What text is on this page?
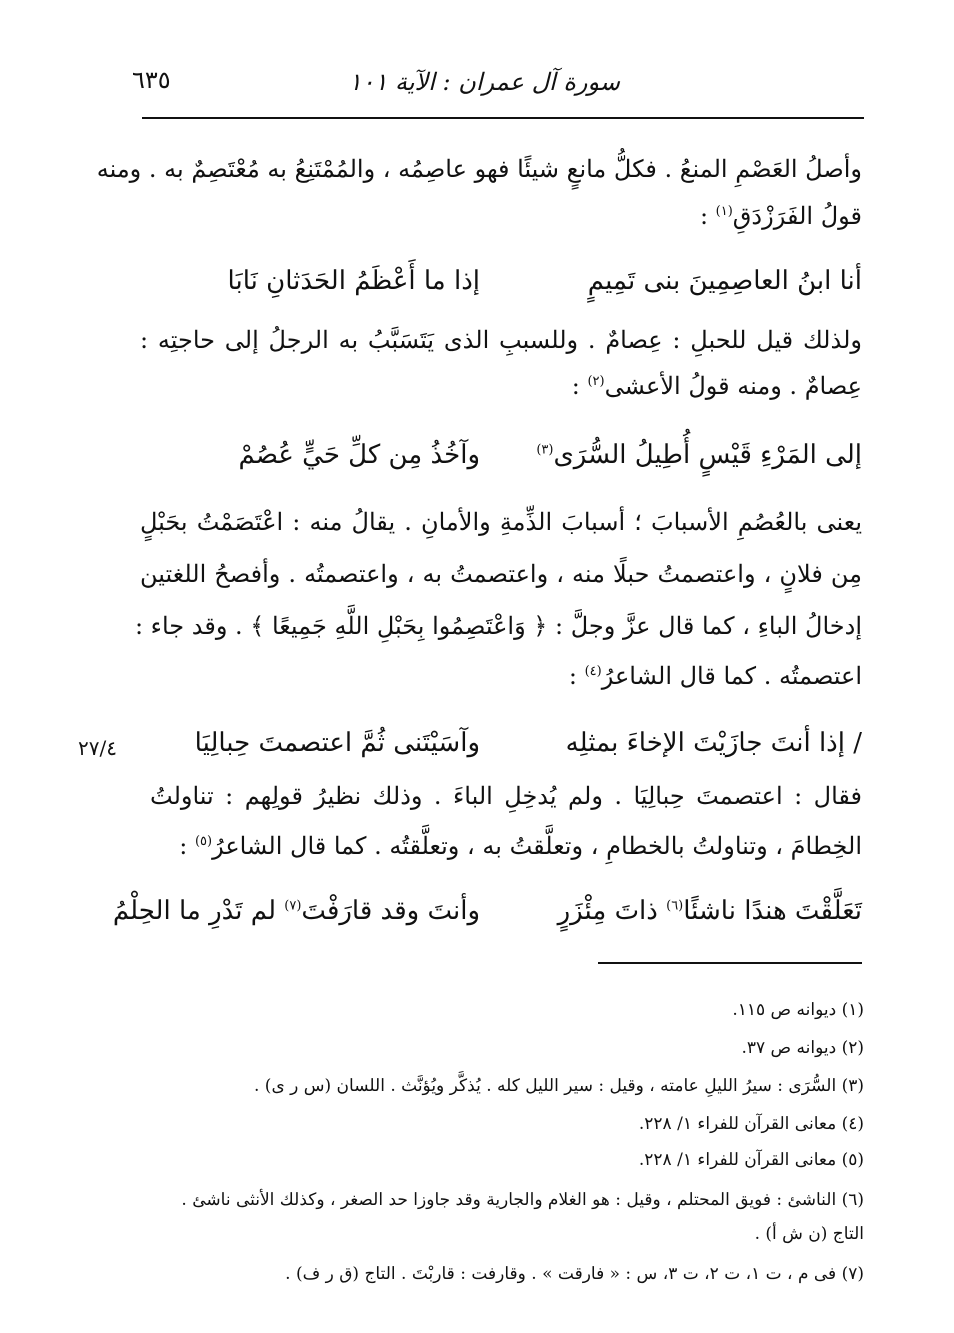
سورة آل عمران : الآية ١٠١
٦٣٥
وأصلُ العَصْمِ المنعُ . فكلُّ مانعٍ شيئًا فهو عاصِمُه ، والمُمْتَنِعُ به مُعْتَصِمٌ به . ومنه
قولُ الفَرَزْدَقِ$^{(١)}$ :
أنا ابنُ العاصِمِينَ بنى تَمِيمٍ
إذا ما أَعْظَمُ الحَدَثانِ نَابَا
ولذلك قيل للحبلِ : عِصامٌ . وللسببِ الذى يَتَسَبَّبُ به الرجلُ إلى حاجتِه :
عِصامٌ . ومنه قولُ الأعشى$^{(٢)}$ :
إلى المَرْءِ قَيْسٍ أُطِيلُ السُّرَى$^{(٣)}$
وآخُذُ مِن كلِّ حَيٍّ عُصُمْ
يعنى بالعُصُمِ الأسبابَ ؛ أسبابَ الذِّمةِ والأمانِ . يقالُ منه : اعْتَصَمْتُ بحَبْلٍ
مِن فلانٍ ، واعتصمتُ حبلًا منه ، واعتصمتُ به ، واعتصمتُه . وأفصحُ اللغتين
إدخالُ الباءِ ، كما قال عزَّ وجلَّ : ﴿ وَاعْتَصِمُوا بِحَبْلِ اللَّهِ جَمِيعًا ﴾ . وقد جاء :
اعتصمتُه . كما قال الشاعرُ$^{(٤)}$ :
/ إذا أنتَ جازَيْتَ الإخاءَ بمثلِه
وآسَيْتَنى ثُمَّ اعتصمتَ حِبالِيَا
٢٧/٤
فقال : اعتصمتَ حِبالِيَا . ولم يُدخِلِ الباءَ . وذلك نظيرُ قولِهم : تناولتُ
الخِطامَ ، وتناولتُ بالخطامِ ، وتعلَّقتُ به ، وتعلَّقتُه . كما قال الشاعرُ$^{(٥)}$ :
تَعَلَّقْتَ هندًا ناشئًا$^{(٦)}$ ذاتَ مِئْزَرٍ
وأنتَ وقد قارَفْتَ$^{(٧)}$ لم تَدْرِ ما الحِلْمُ
(١) ديوانه ص ١١٥.
(٢) ديوانه ص ٣٧.
(٣) السُّرَى : سيرُ الليلِ عامته ، وقيل : سير الليل كله . يُذكَّر ويُؤنَّث . اللسان (س ر ى) .
(٤) معانى القرآن للفراء ١/ ٢٢٨.
(٥) معانى القرآن للفراء ١/ ٢٢٨.
(٦) الناشئ : فويق المحتلم ، وقيل : هو الغلام والجارية وقد جاوزا حد الصغر ، وكذلك الأنثى ناشئ .
التاج (ن ش أ) .
(٧) فى م ، ت ١، ت ٢، ت ٣، س : « فارقت » . وقارفت : قاربْتَ . التاج (ق ر ف) .
